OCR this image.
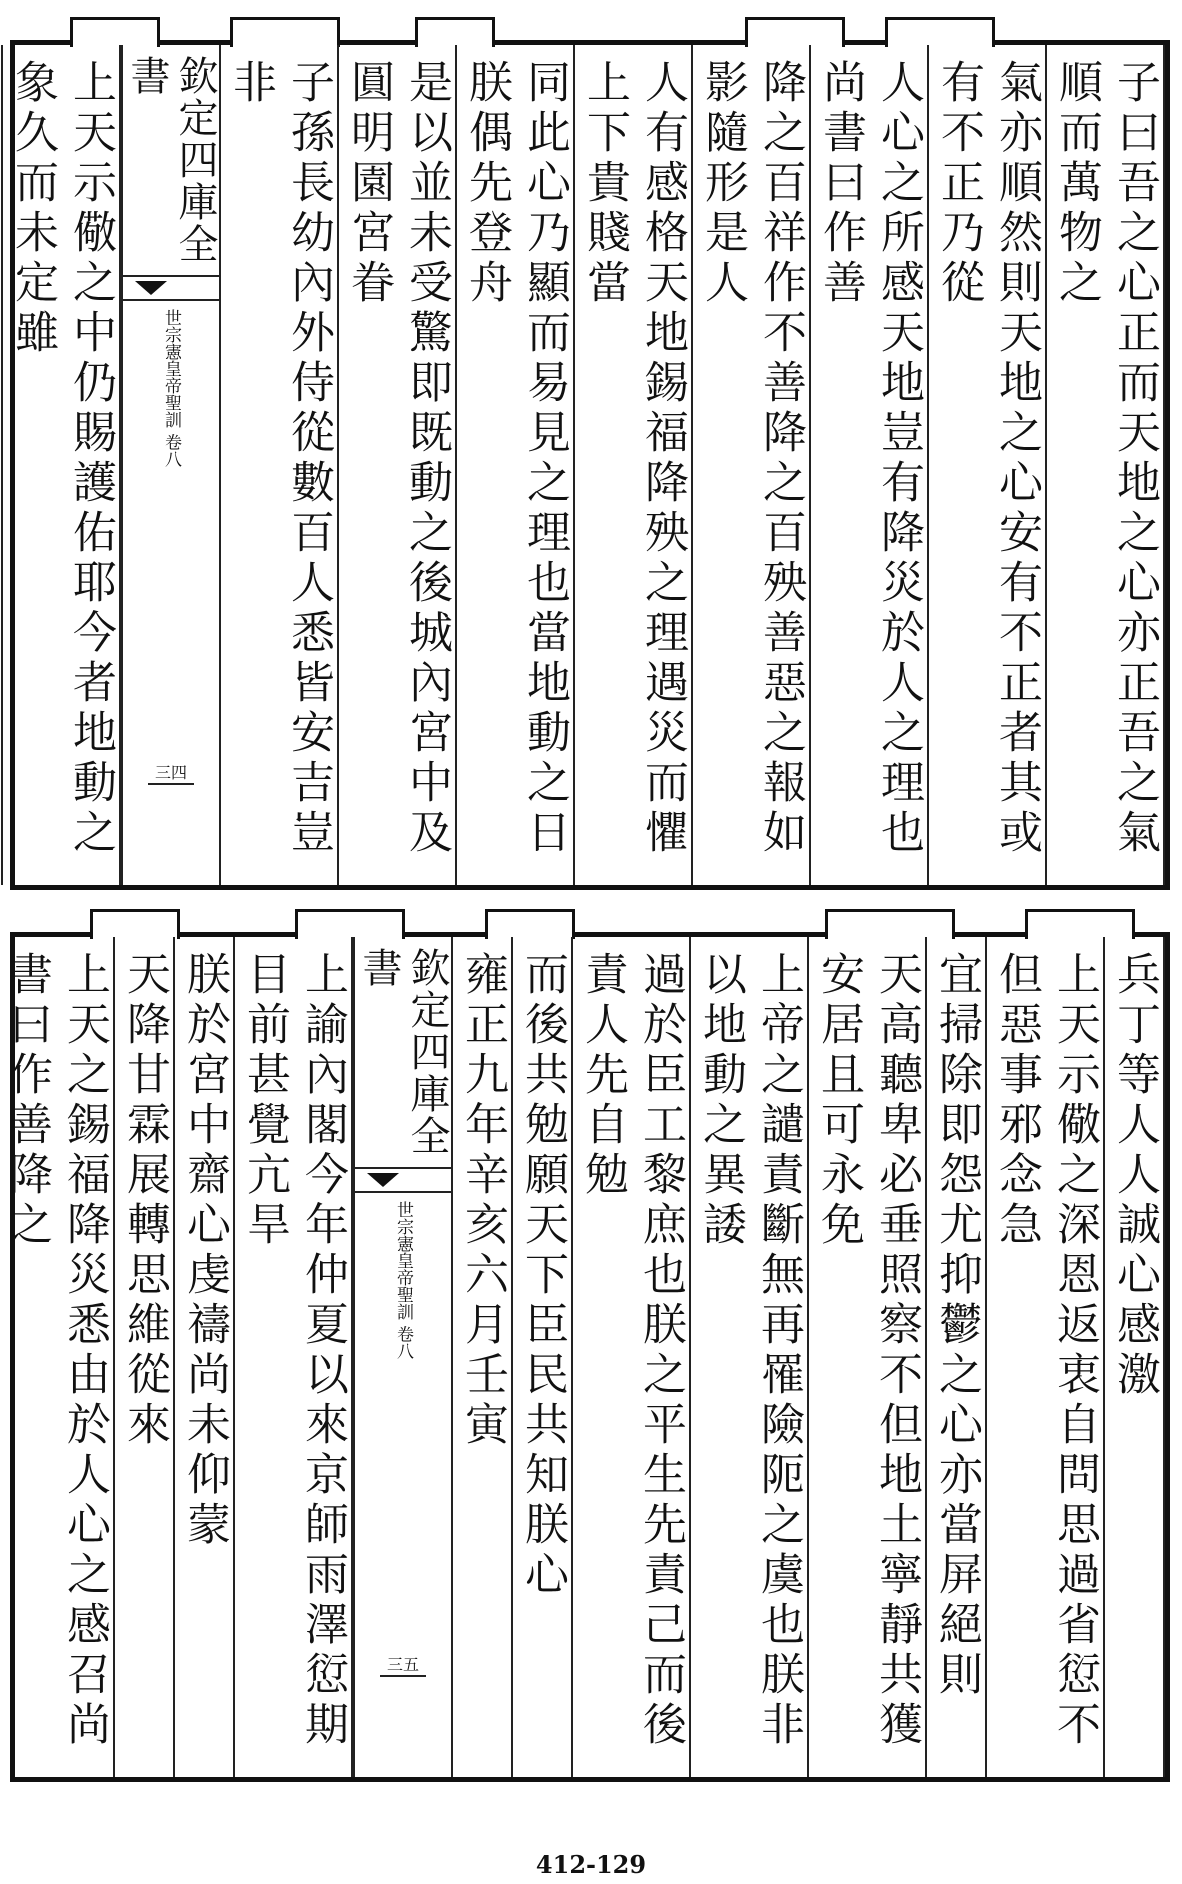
子曰吾之心正而天地之心亦正吾之氣順而萬物之
氣亦順然則天地之心安有不正者其或有不正乃從
人心之所感天地豈有降災於人之理也尚書曰作善
降之百祥作不善降之百殃善惡之報如影隨形是人
人有感格天地錫福降殃之理遇災而懼上下貴賤當
同此心乃顯而易見之理也當地動之日朕偶先登舟
是以並未受驚即既動之後城內宮中及圓明園宮眷
子孫長幼內外侍從數百人悉皆安吉豈非
欽定四庫全書
世宗憲皇帝聖訓 卷八
三四
上天示儆之中仍賜護佑耶今者地動之象久而未定雖
兵丁等人人誠心感激
上天示儆之深恩返衷自問思過省愆不但惡事邪念急
宜掃除即怨尤抑鬱之心亦當屏絕則
天高聽卑必垂照察不但地土寧靜共獲安居且可永免
上帝之譴責斷無再罹險阨之虞也朕非以地動之異諉
過於臣工黎庶也朕之平生先責己而後責人先自勉
而後共勉願天下臣民共知朕心
雍正九年辛亥六月壬寅
欽定四庫全書
世宗憲皇帝聖訓 卷八
三五
上諭內閣今年仲夏以來京師雨澤愆期目前甚覺亢旱
朕於宮中齋心虔禱尚未仰蒙
天降甘霖展轉思維從來
上天之錫福降災悉由於人心之感召尚書曰作善降之
412-129
